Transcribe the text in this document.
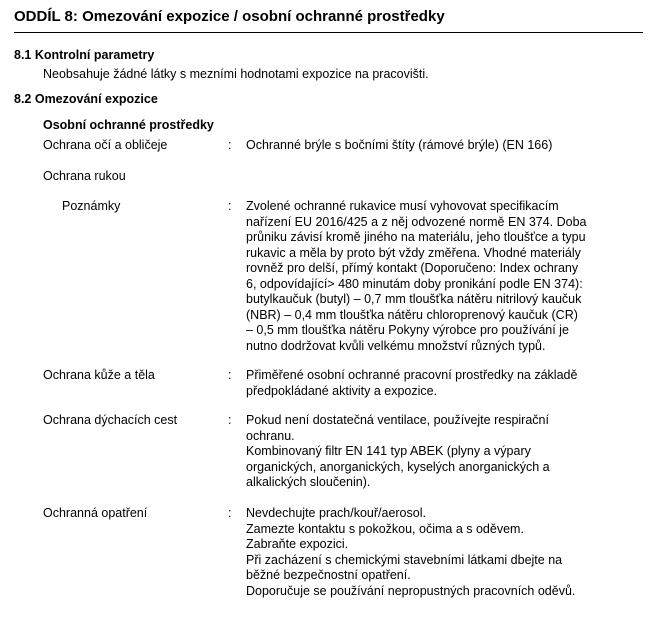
ODDÍL 8: Omezování expozice / osobní ochranné prostředky
8.1 Kontrolní parametry
Neobsahuje žádné látky s mezními hodnotami expozice na pracovišti.
8.2 Omezování expozice
Osobní ochranné prostředky
Ochrana očí a obličeje	: Ochranné brýle s bočními štíty (rámové brýle) (EN 166)
Ochrana rukou
Poznámky	: Zvolené ochranné rukavice musí vyhovovat specifikacím
nařízení EU 2016/425 a z něj odvozené normě EN 374. Doba
průniku závisí kromě jiného na materiálu, jeho tloušťce a typu
rukavic a měla by proto být vždy změřena. Vhodné materiály
rovněž pro delší, přímý kontakt (Doporučeno: Index ochrany
6, odpovídající> 480 minutám doby pronikání podle EN 374):
butylkaučuk (butyl) – 0,7 mm tloušťka nátěru nitrilový kaučuk
(NBR) – 0,4 mm tloušťka nátěru chloroprenový kaučuk (CR)
– 0,5 mm tloušťka nátěru Pokyny výrobce pro používání je
nutno dodržovat kvůli velkému množství různých typů.
Ochrana kůže a těla	: Přiměřené osobní ochranné pracovní prostředky na základě
předpokládané aktivity a expozice.
Ochrana dýchacích cest	: Pokud není dostatečná ventilace, používejte respirační
ochranu.
Kombinovaný filtr EN 141 typ ABEK (plyny a výpary
organických, anorganických, kyselých anorganických a
alkalických sloučenin).
Ochranná opatření	: Nevdechujte prach/kouř/aerosol.
Zamezte kontaktu s pokožkou, očima a s oděvem.
Zabraňte expozici.
Při zacházení s chemickými stavebními látkami dbejte na
běžné bezpečnostní opatření.
Doporučuje se používání nepropustných pracovních oděvů.
